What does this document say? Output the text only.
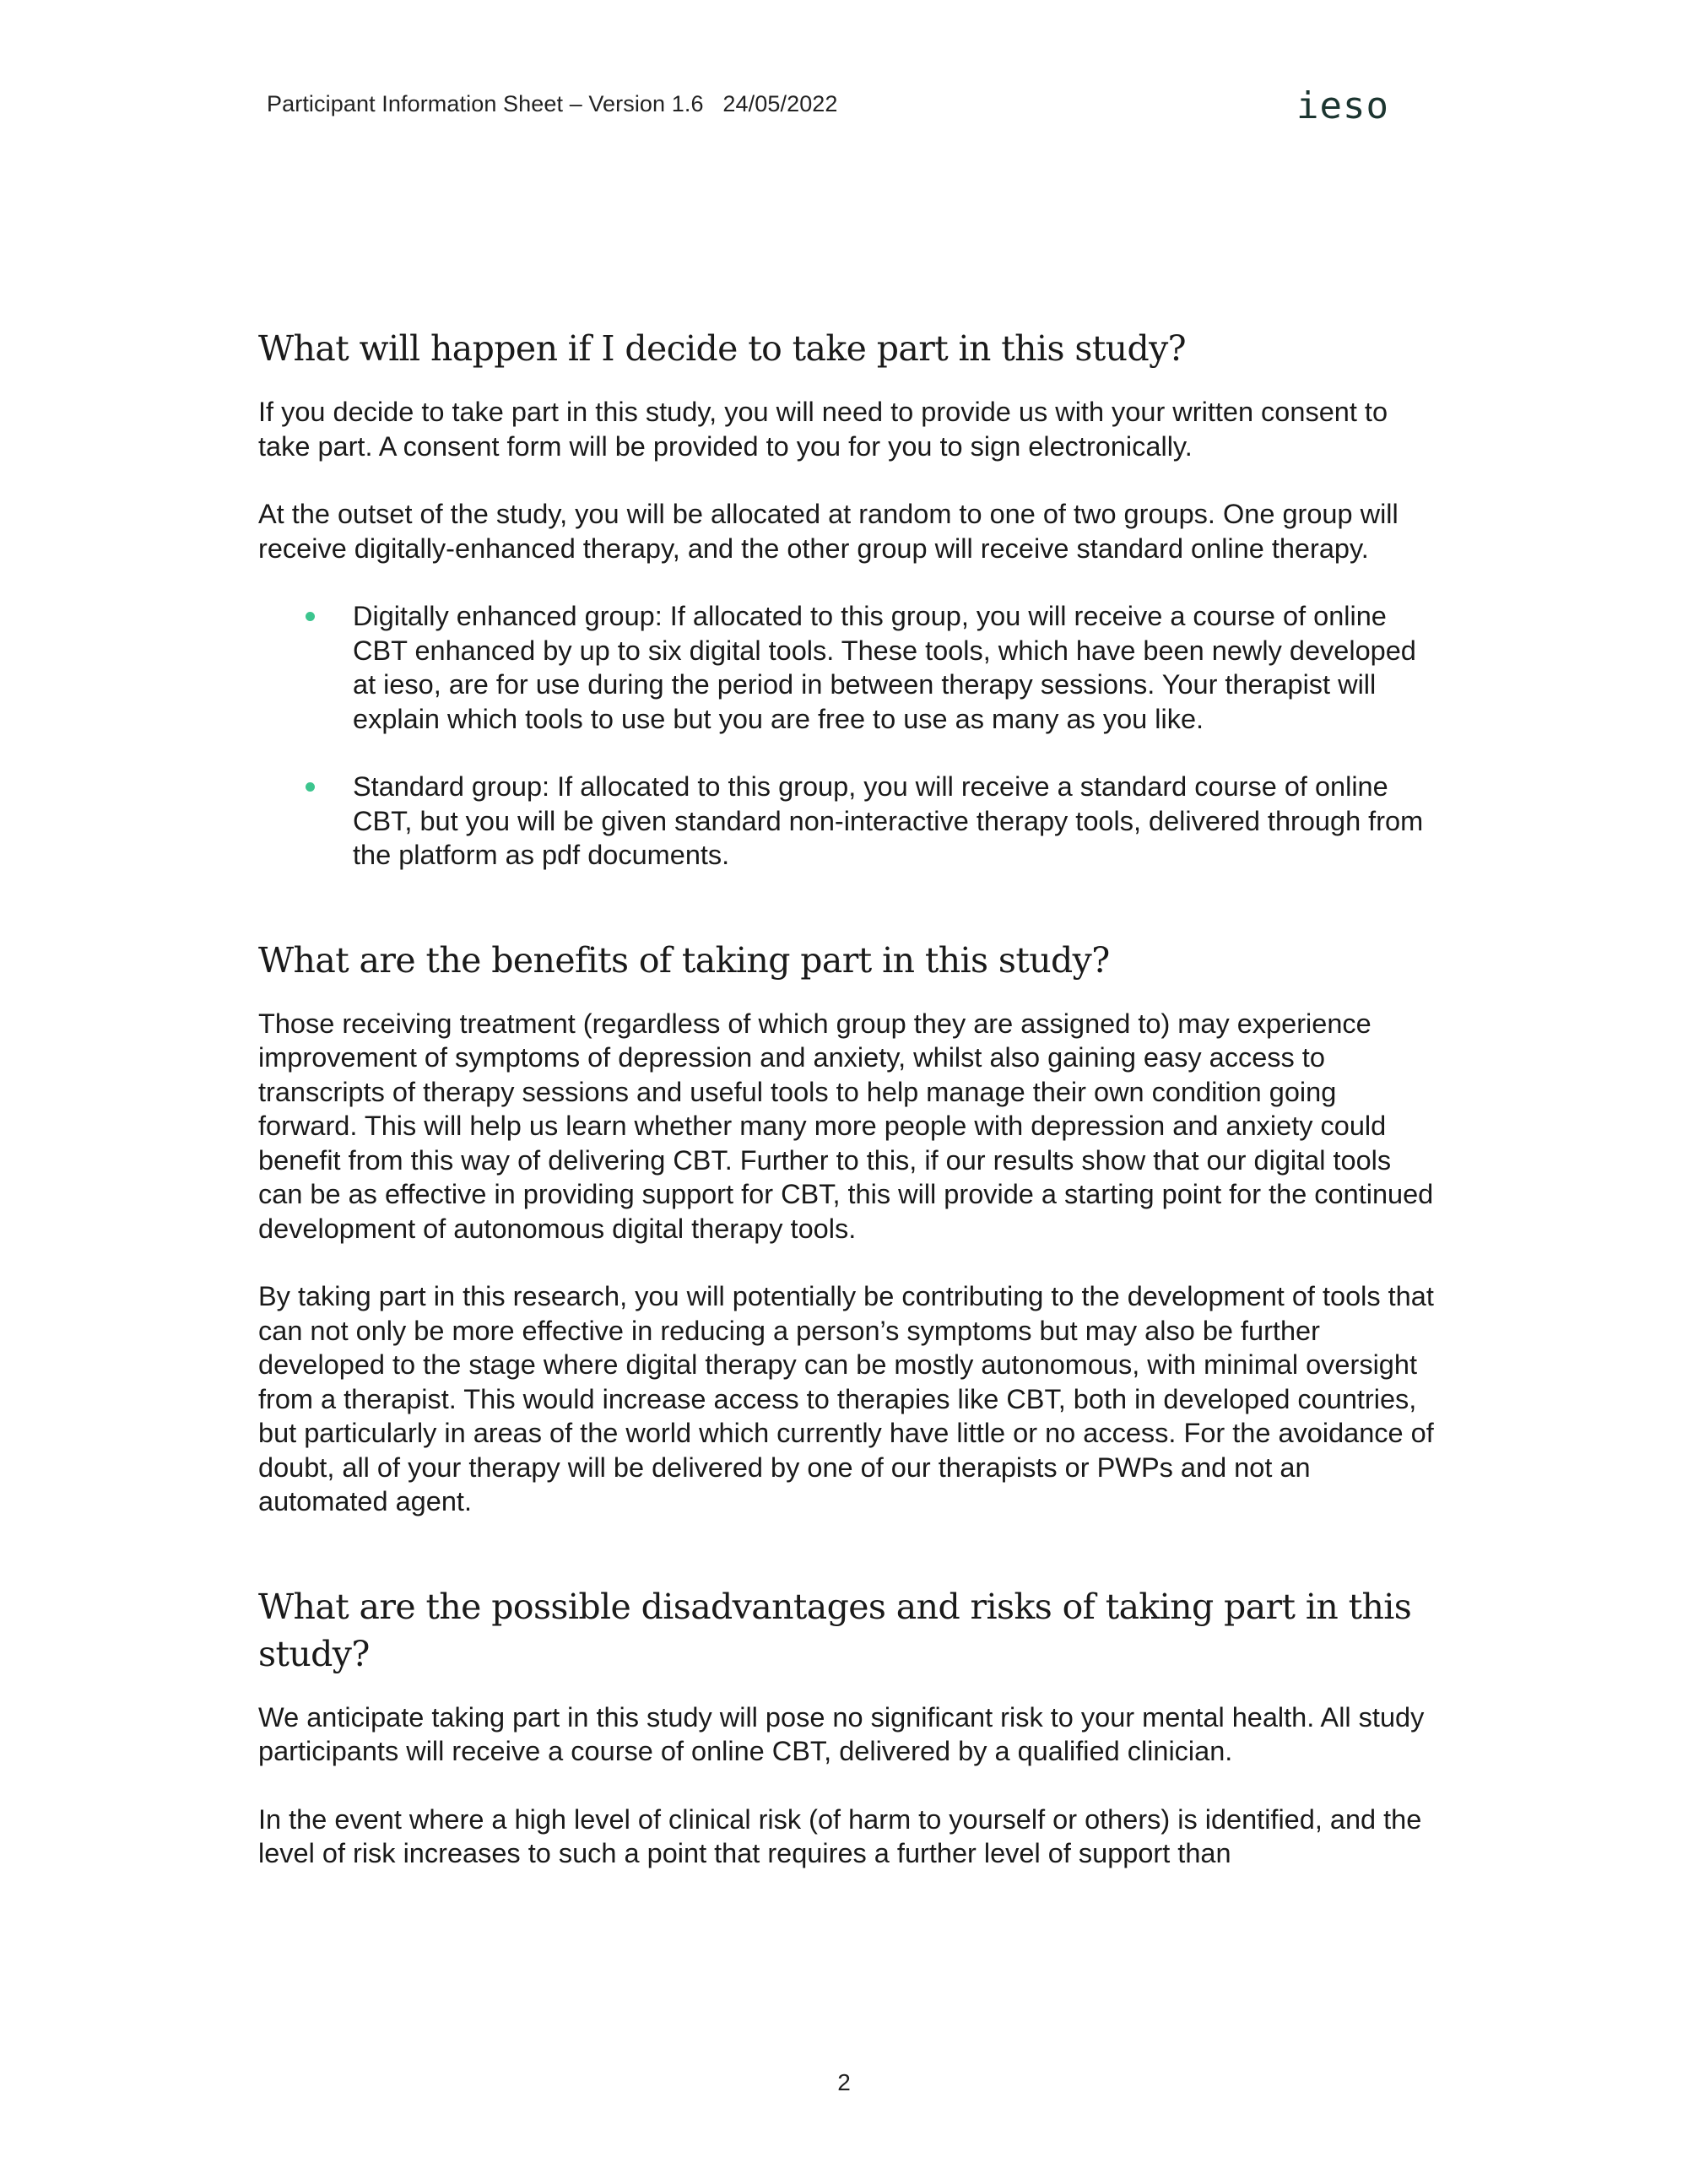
Participant Information Sheet – Version 1.6   24/05/2022	ieso
What will happen if I decide to take part in this study?

If you decide to take part in this study, you will need to provide us with your written consent to take part. A consent form will be provided to you for you to sign electronically.

At the outset of the study, you will be allocated at random to one of two groups. One group will receive digitally-enhanced therapy, and the other group will receive standard online therapy.

Digitally enhanced group: If allocated to this group, you will receive a course of online CBT enhanced by up to six digital tools. These tools, which have been newly developed at ieso, are for use during the period in between therapy sessions. Your therapist will explain which tools to use but you are free to use as many as you like.
Standard group: If allocated to this group, you will receive a standard course of online CBT, but you will be given standard non-interactive therapy tools, delivered through from the platform as pdf documents.
What are the benefits of taking part in this study?

Those receiving treatment (regardless of which group they are assigned to) may experience improvement of symptoms of depression and anxiety, whilst also gaining easy access to transcripts of therapy sessions and useful tools to help manage their own condition going forward. This will help us learn whether many more people with depression and anxiety could benefit from this way of delivering CBT. Further to this, if our results show that our digital tools can be as effective in providing support for CBT, this will provide a starting point for the continued development of autonomous digital therapy tools.

By taking part in this research, you will potentially be contributing to the development of tools that can not only be more effective in reducing a person’s symptoms but may also be further developed to the stage where digital therapy can be mostly autonomous, with minimal oversight from a therapist. This would increase access to therapies like CBT, both in developed countries, but particularly in areas of the world which currently have little or no access. For the avoidance of doubt, all of your therapy will be delivered by one of our therapists or PWPs and not an automated agent.

What are the possible disadvantages and risks of taking part in this study?

We anticipate taking part in this study will pose no significant risk to your mental health. All study participants will receive a course of online CBT, delivered by a qualified clinician.

In the event where a high level of clinical risk (of harm to yourself or others) is identified, and the level of risk increases to such a point that requires a further level of support than

2
